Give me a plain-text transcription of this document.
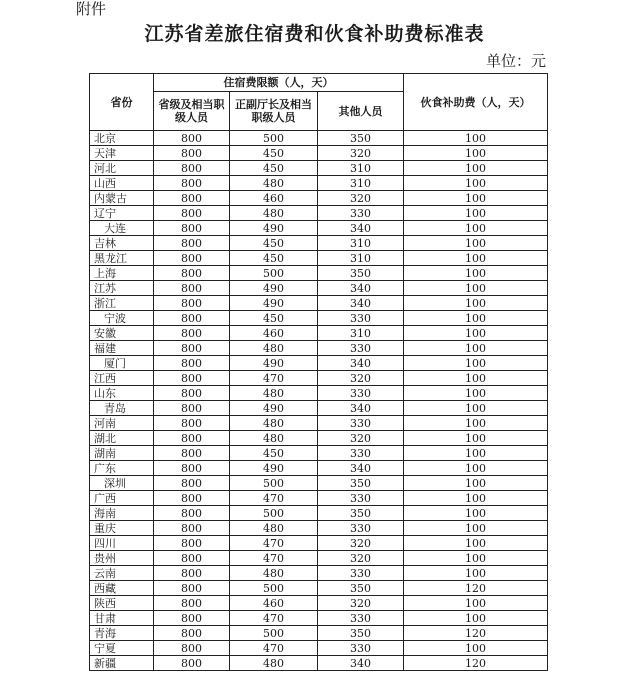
附件
江苏省差旅住宿费和伙食补助费标准表
单位：元
省份	住宿费限额（人，天）			伙食补助费（人，天）
	省级及相当职级人员	正副厅长及相当职级人员	其他人员	
北京	800	500	350	100
天津	800	450	320	100
河北	800	450	310	100
山西	800	480	310	100
内蒙古	800	460	320	100
辽宁	800	480	330	100
大连	800	490	340	100
吉林	800	450	310	100
黑龙江	800	450	310	100
上海	800	500	350	100
江苏	800	490	340	100
浙江	800	490	340	100
宁波	800	450	330	100
安徽	800	460	310	100
福建	800	480	330	100
厦门	800	490	340	100
江西	800	470	320	100
山东	800	480	330	100
青岛	800	490	340	100
河南	800	480	330	100
湖北	800	480	320	100
湖南	800	450	330	100
广东	800	490	340	100
深圳	800	500	350	100
广西	800	470	330	100
海南	800	500	350	100
重庆	800	480	330	100
四川	800	470	320	100
贵州	800	470	320	100
云南	800	480	330	100
西藏	800	500	350	120
陕西	800	460	320	100
甘肃	800	470	330	100
青海	800	500	350	120
宁夏	800	470	330	100
新疆	800	480	340	120
